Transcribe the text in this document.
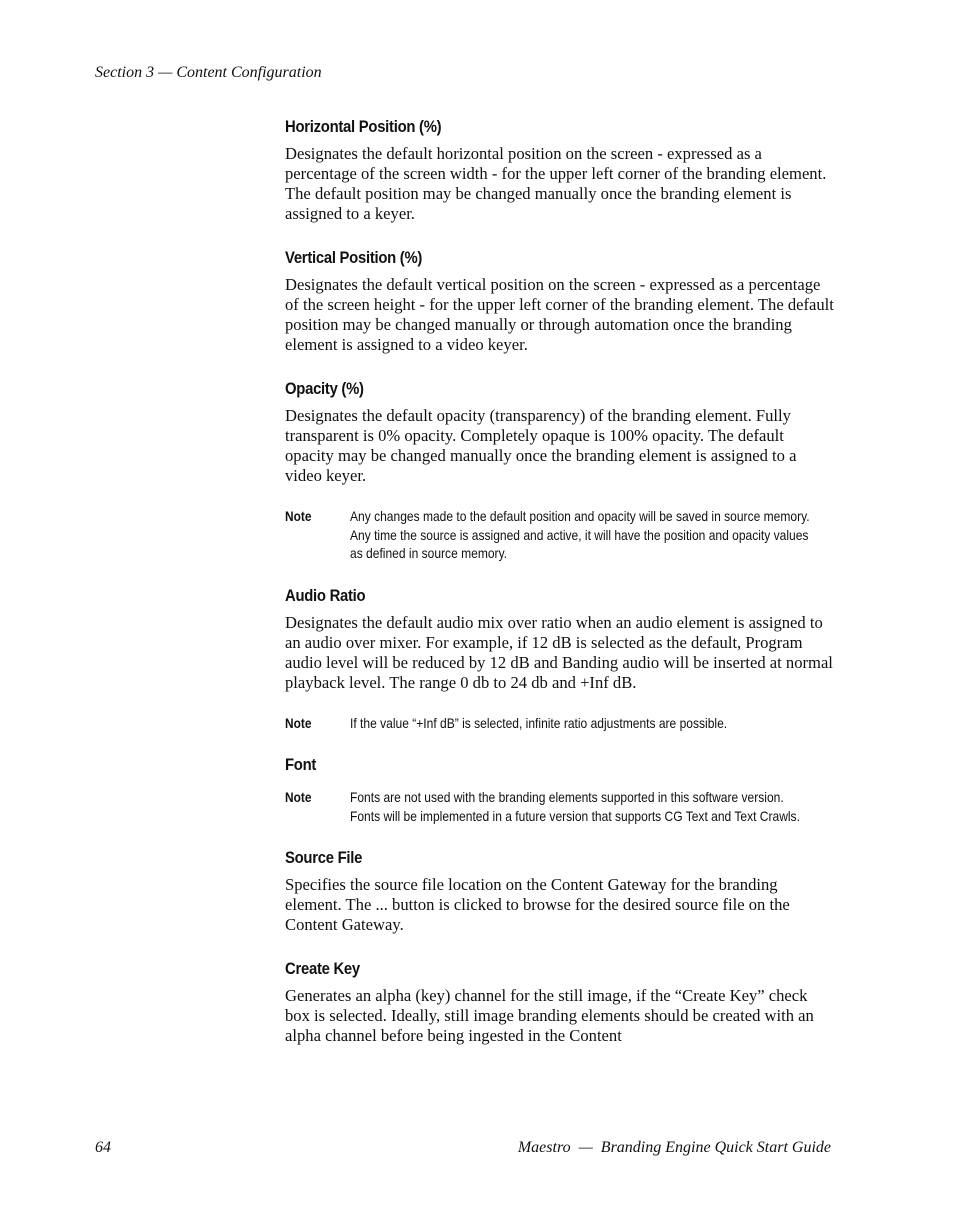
Section 3 — Content Configuration
Horizontal Position (%)

Designates the default horizontal position on the screen - expressed as a percentage of the screen width - for the upper left corner of the branding element. The default position may be changed manually once the branding element is assigned to a keyer.

Vertical Position (%)

Designates the default vertical position on the screen - expressed as a percentage of the screen height - for the upper left corner of the branding element. The default position may be changed manually or through automation once the branding element is assigned to a video keyer.

Opacity (%)

Designates the default opacity (transparency) of the branding element. Fully transparent is 0% opacity. Completely opaque is 100% opacity. The default opacity may be changed manually once the branding element is assigned to a video keyer.

Note	Any changes made to the default position and opacity will be saved in source memory. Any time the source is assigned and active, it will have the position and opacity values as defined in source memory.
Audio Ratio

Designates the default audio mix over ratio when an audio element is assigned to an audio over mixer. For example, if 12 dB is selected as the default, Program audio level will be reduced by 12 dB and Banding audio will be inserted at normal playback level. The range 0 db to 24 db and +Inf dB.

Note	If the value “+Inf dB” is selected, infinite ratio adjustments are possible.
Font
Note	Fonts are not used with the branding elements supported in this software version. Fonts will be implemented in a future version that supports CG Text and Text Crawls.
Source File

Specifies the source file location on the Content Gateway for the branding element. The ... button is clicked to browse for the desired source file on the Content Gateway.

Create Key

Generates an alpha (key) channel for the still image, if the “Create Key” check box is selected. Ideally, still image branding elements should be created with an alpha channel before being ingested in the Content

64	Maestro  —  Branding Engine Quick Start Guide
